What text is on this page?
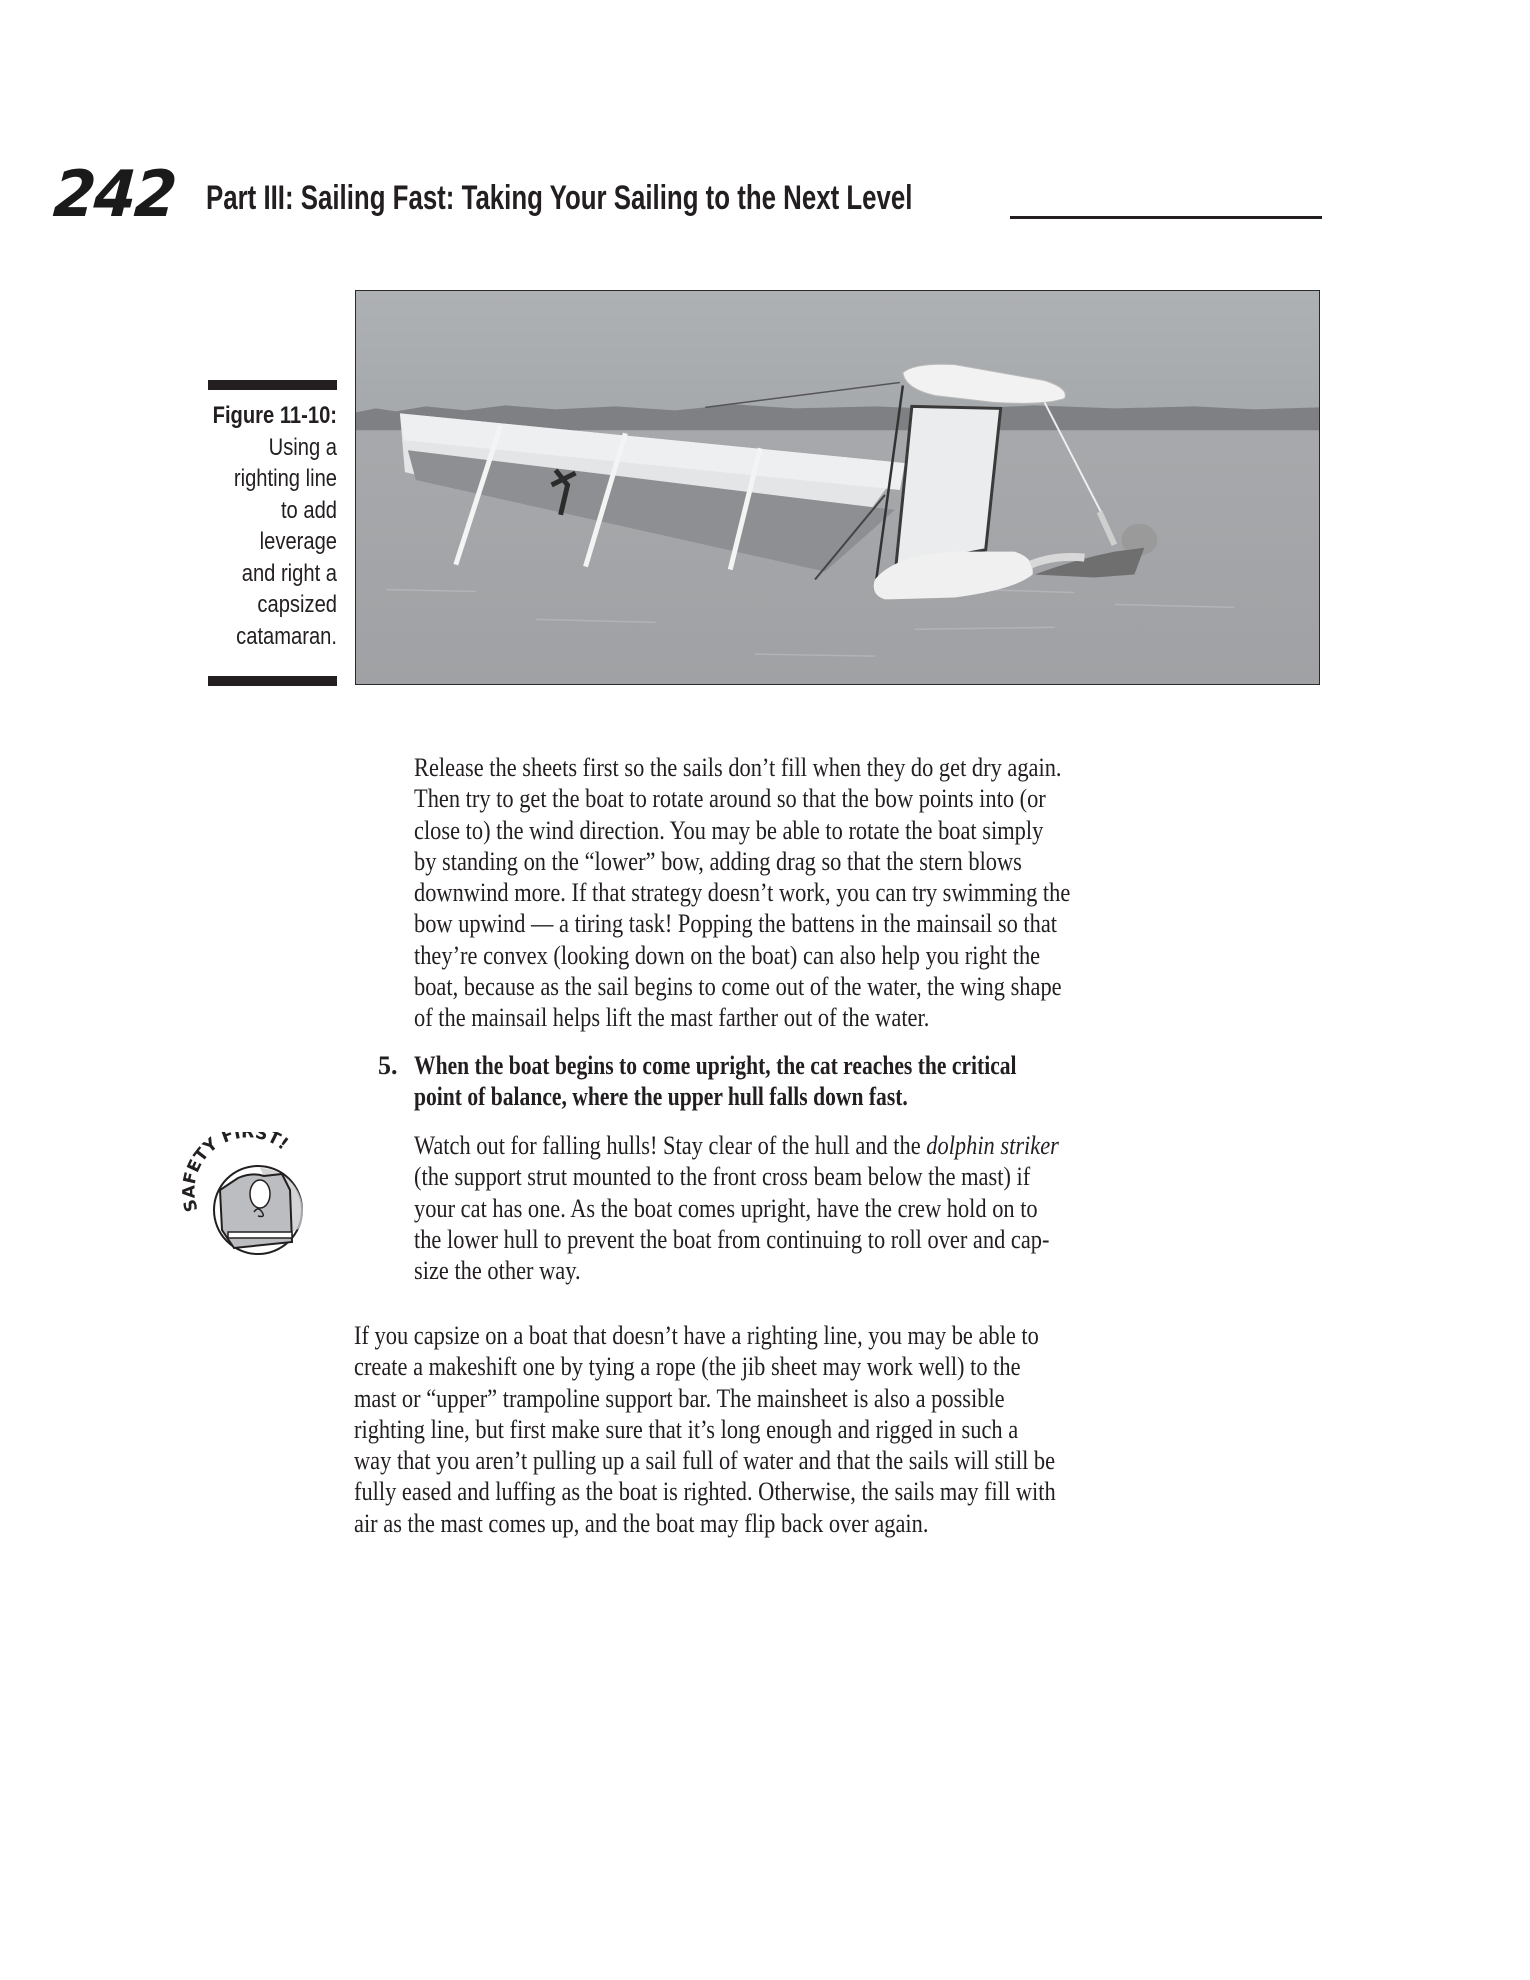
242 Part III: Sailing Fast: Taking Your Sailing to the Next Level
Figure 11-10:
Using a
righting line
to add
leverage
and right a
capsized
catamaran.
Release the sheets first so the sails don’t fill when they do get dry again.
Then try to get the boat to rotate around so that the bow points into (or
close to) the wind direction. You may be able to rotate the boat simply
by standing on the “lower” bow, adding drag so that the stern blows
downwind more. If that strategy doesn’t work, you can try swimming the
bow upwind — a tiring task! Popping the battens in the mainsail so that
they’re convex (looking down on the boat) can also help you right the
boat, because as the sail begins to come out of the water, the wing shape
of the mainsail helps lift the mast farther out of the water.
5. When the boat begins to come upright, the cat reaches the critical
point of balance, where the upper hull falls down fast.
SAFETY FIRST!	Watch out for falling hulls! Stay clear of the hull and the dolphin striker
(the support strut mounted to the front cross beam below the mast) if
your cat has one. As the boat comes upright, have the crew hold on to
the lower hull to prevent the boat from continuing to roll over and cap-
size the other way.
If you capsize on a boat that doesn’t have a righting line, you may be able to
create a makeshift one by tying a rope (the jib sheet may work well) to the
mast or “upper” trampoline support bar. The mainsheet is also a possible
righting line, but first make sure that it’s long enough and rigged in such a
way that you aren’t pulling up a sail full of water and that the sails will still be
fully eased and luffing as the boat is righted. Otherwise, the sails may fill with
air as the mast comes up, and the boat may flip back over again.
